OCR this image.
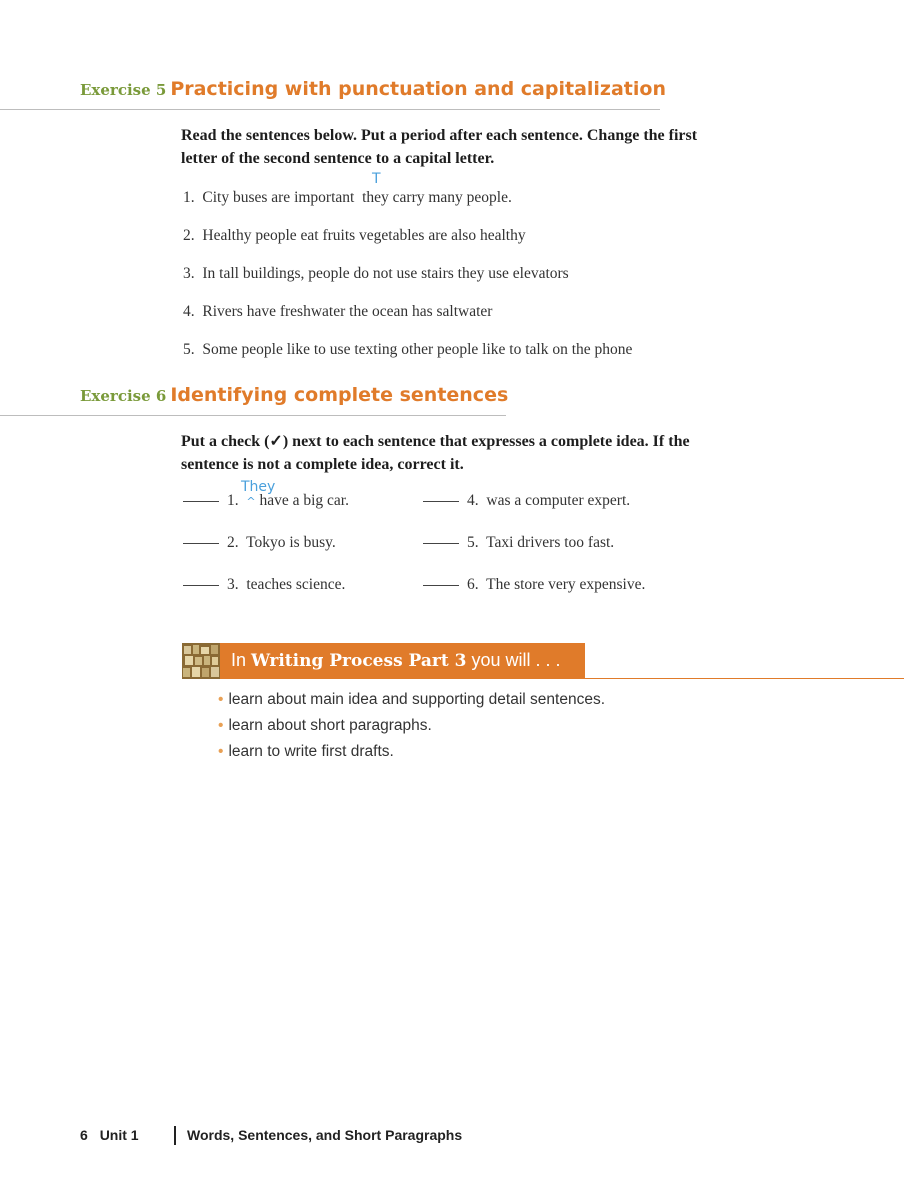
Exercise 5 Practicing with punctuation and capitalization
Read the sentences below. Put a period after each sentence. Change the first letter of the second sentence to a capital letter.
T
1. City buses are important they carry many people.
2. Healthy people eat fruits vegetables are also healthy
3. In tall buildings, people do not use stairs they use elevators
4. Rivers have freshwater the ocean has saltwater
5. Some people like to use texting other people like to talk on the phone
Exercise 6 Identifying complete sentences
Put a check (✓) next to each sentence that expresses a complete idea. If the sentence is not a complete idea, correct it.
They
1. ^ have a big car.
2. Tokyo is busy.
3. teaches science.
4. was a computer expert.
5. Taxi drivers too fast.
6. The store very expensive.
In Writing Process Part 3 you will . . .
• learn about main idea and supporting detail sentences.
• learn about short paragraphs.
• learn to write first drafts.
6 Unit 1	Words, Sentences, and Short Paragraphs
